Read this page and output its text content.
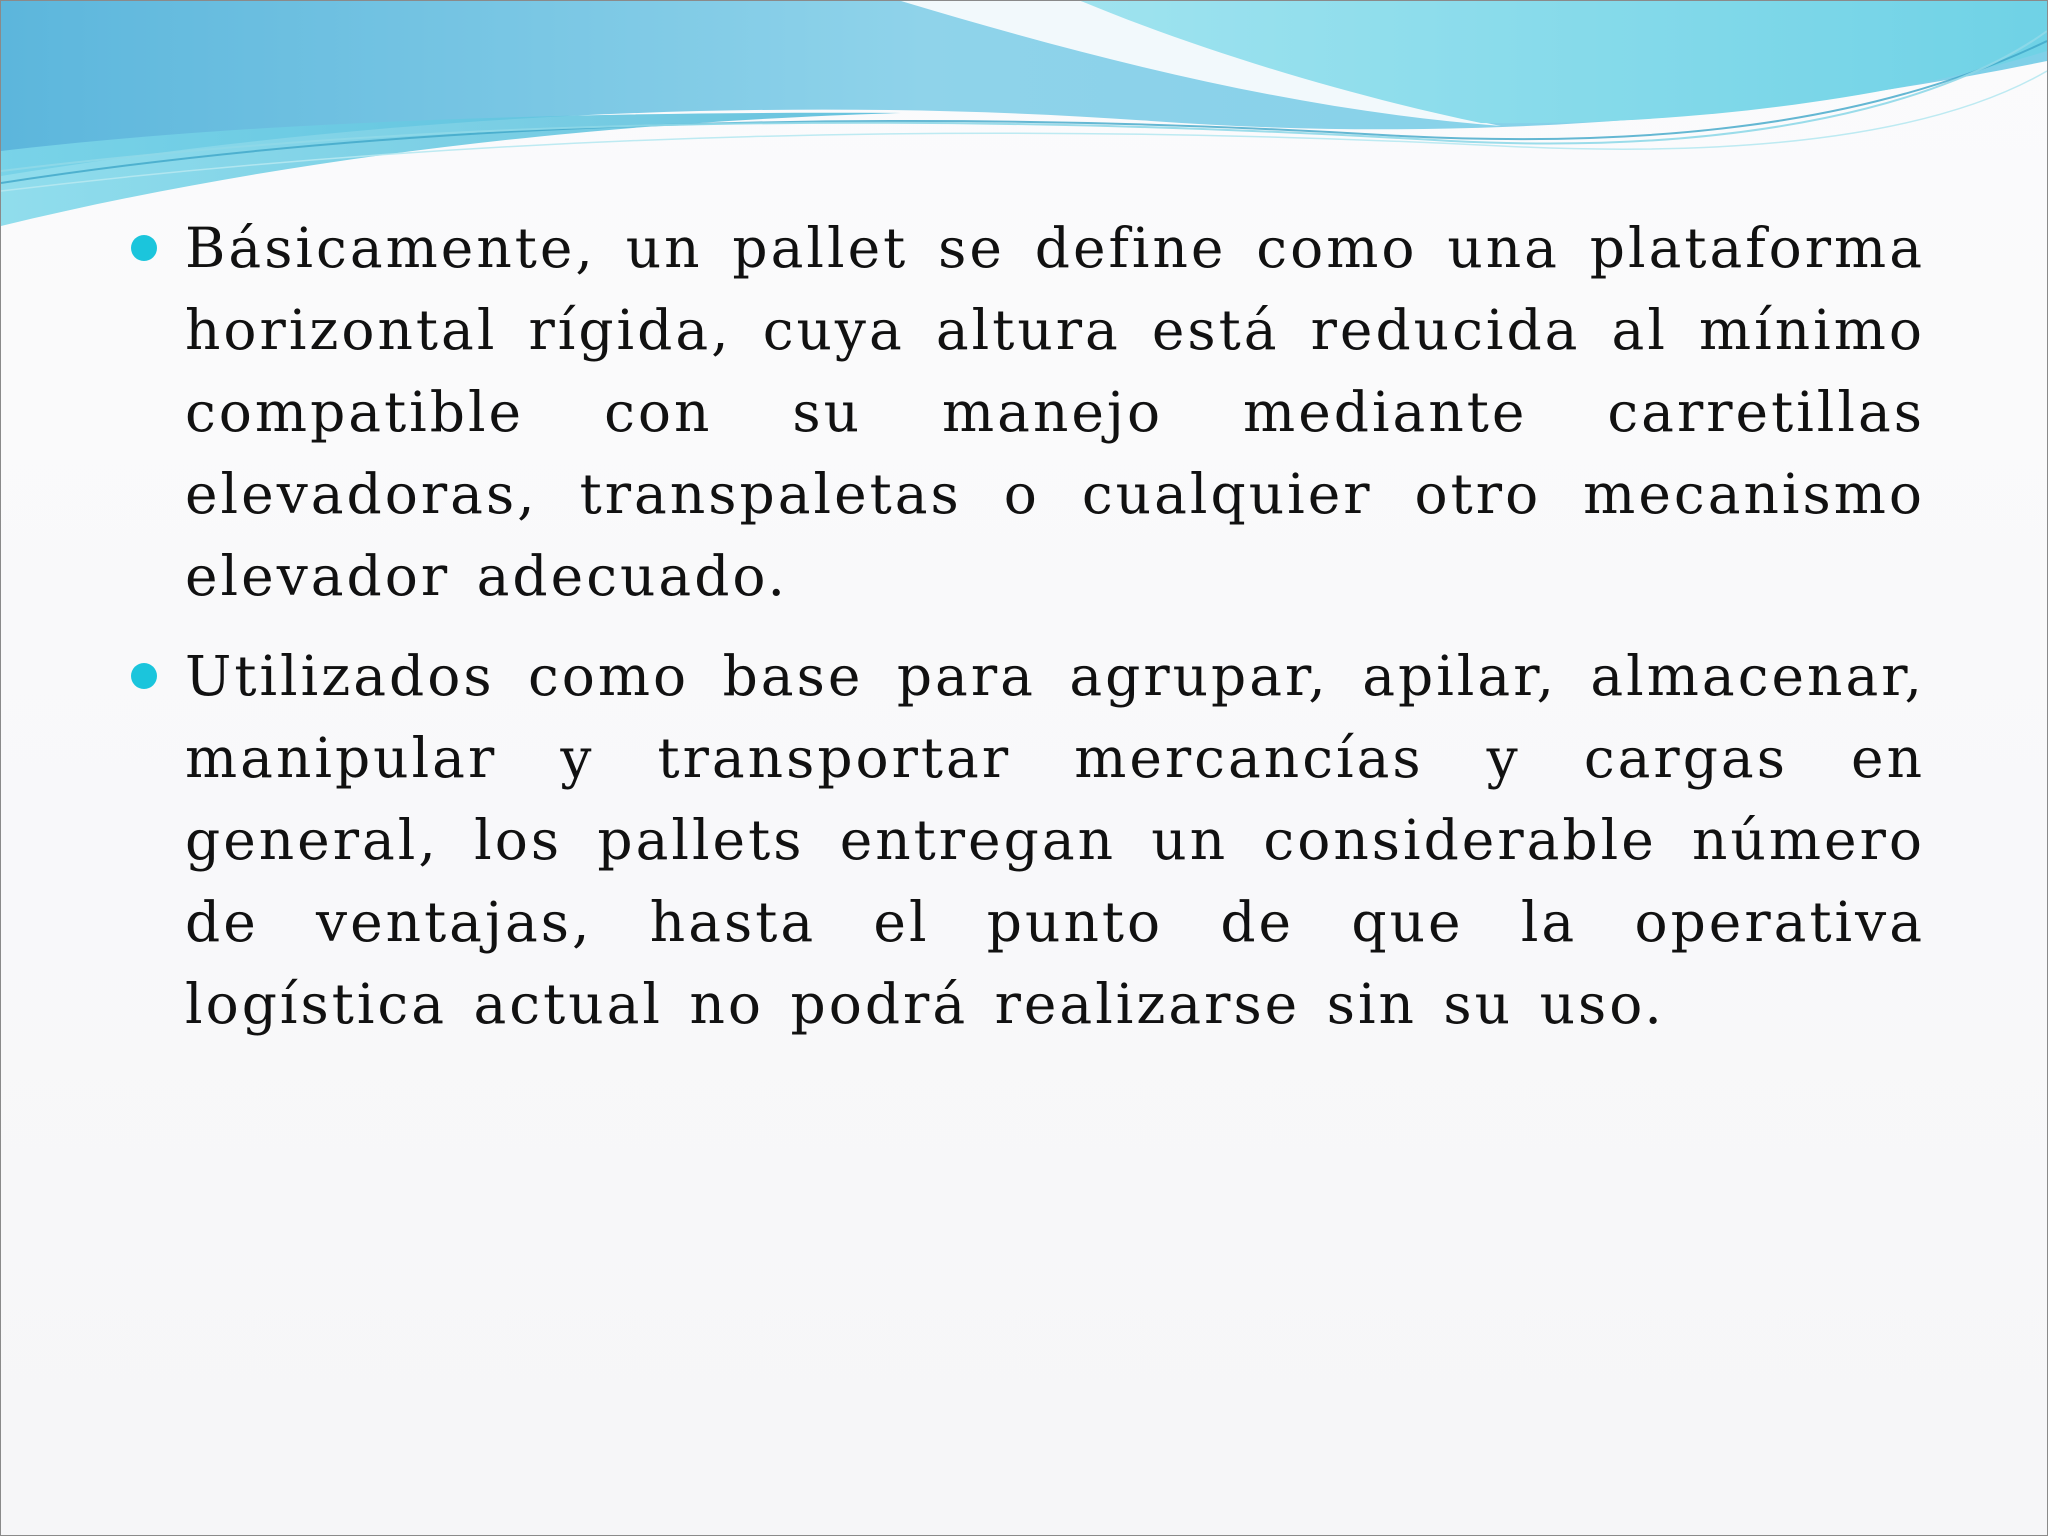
Básicamente, un pallet se define como una plataforma horizontal rígida, cuya altura está reducida al mínimo compatible con su manejo mediante carretillas elevadoras, transpaletas o cualquier otro mecanismo elevador adecuado.
Utilizados como base para agrupar, apilar, almacenar, manipular y transportar mercancías y cargas en general, los pallets entregan un considerable número de ventajas, hasta el punto de que la operativa logística actual no podrá realizarse sin su uso.
